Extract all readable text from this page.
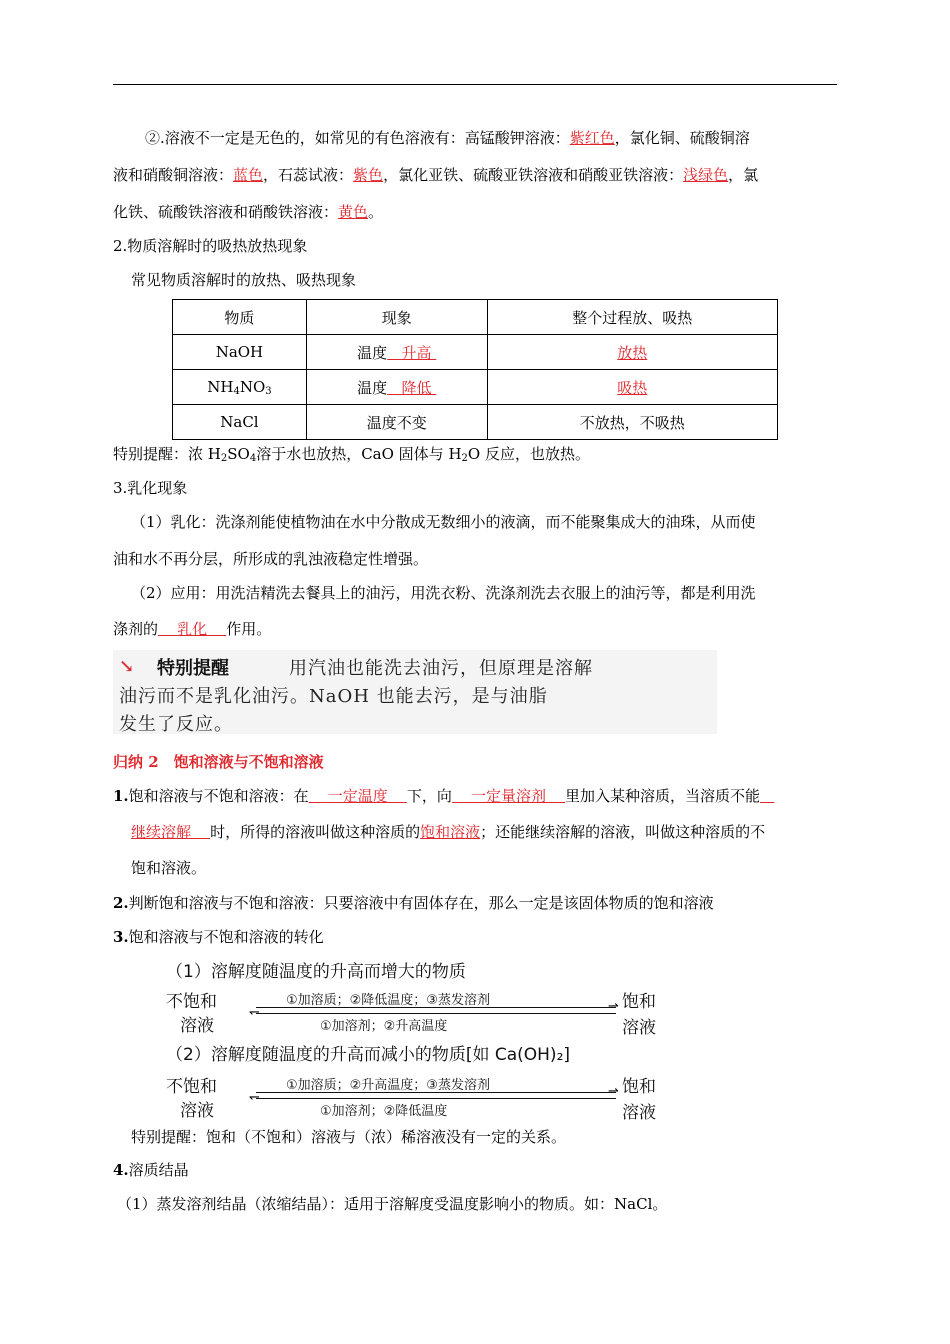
②.溶液不一定是无色的，如常见的有色溶液有：高锰酸钾溶液：紫红色，氯化铜、硫酸铜溶
液和硝酸铜溶液：蓝色，石蕊试液：紫色，氯化亚铁、硫酸亚铁溶液和硝酸亚铁溶液：浅绿色，氯
化铁、硫酸铁溶液和硝酸铁溶液：黄色。
2.物质溶解时的吸热放热现象
常见物质溶解时的放热、吸热现象
物质	现象	整个过程放、吸热
NaOH	温度 升高	放热
$NH_4NO_3$	温度 降低	吸热
NaCl	温度不变	不放热，不吸热
特别提醒：浓 $H_2SO_4$溶于水也放热，CaO 固体与 $H_2O$ 反应，也放热。
3.乳化现象
（1）乳化：洗涤剂能使植物油在水中分散成无数细小的液滴，而不能聚集成大的油珠，从而使
油和水不再分层，所形成的乳浊液稳定性增强。
（2）应用：用洗洁精洗去餐具上的油污，用洗衣粉、洗涤剂洗去衣服上的油污等，都是利用洗
涤剂的 乳化 作用。
↘	特别提醒	用汽油也能洗去油污，但原理是溶解
油污而不是乳化油污。NaOH 也能去污，是与油脂
发生了反应。
归纳 2　饱和溶液与不饱和溶液
1.饱和溶液与不饱和溶液：在 一定温度 下，向 一定量溶剂 里加入某种溶质，当溶质不能
继续溶解 时，所得的溶液叫做这种溶质的饱和溶液；还能继续溶解的溶液，叫做这种溶质的不
饱和溶液。
2.判断饱和溶液与不饱和溶液：只要溶液中有固体存在，那么一定是该固体物质的饱和溶液
3.饱和溶液与不饱和溶液的转化
（1）溶解度随温度的升高而增大的物质
不饱和
溶液
①加溶质；②降低温度；③蒸发溶剂	⇀
↽
①加溶剂；②升高温度
饱和
溶液
（2）溶解度随温度的升高而减小的物质[如 Ca(OH)₂]
不饱和
溶液
①加溶质；②升高温度；③蒸发溶剂	⇀
↽
①加溶剂；②降低温度
饱和
溶液
特别提醒：饱和（不饱和）溶液与（浓）稀溶液没有一定的关系。
4.溶质结晶
（1）蒸发溶剂结晶（浓缩结晶）：适用于溶解度受温度影响小的物质。如：NaCl。
